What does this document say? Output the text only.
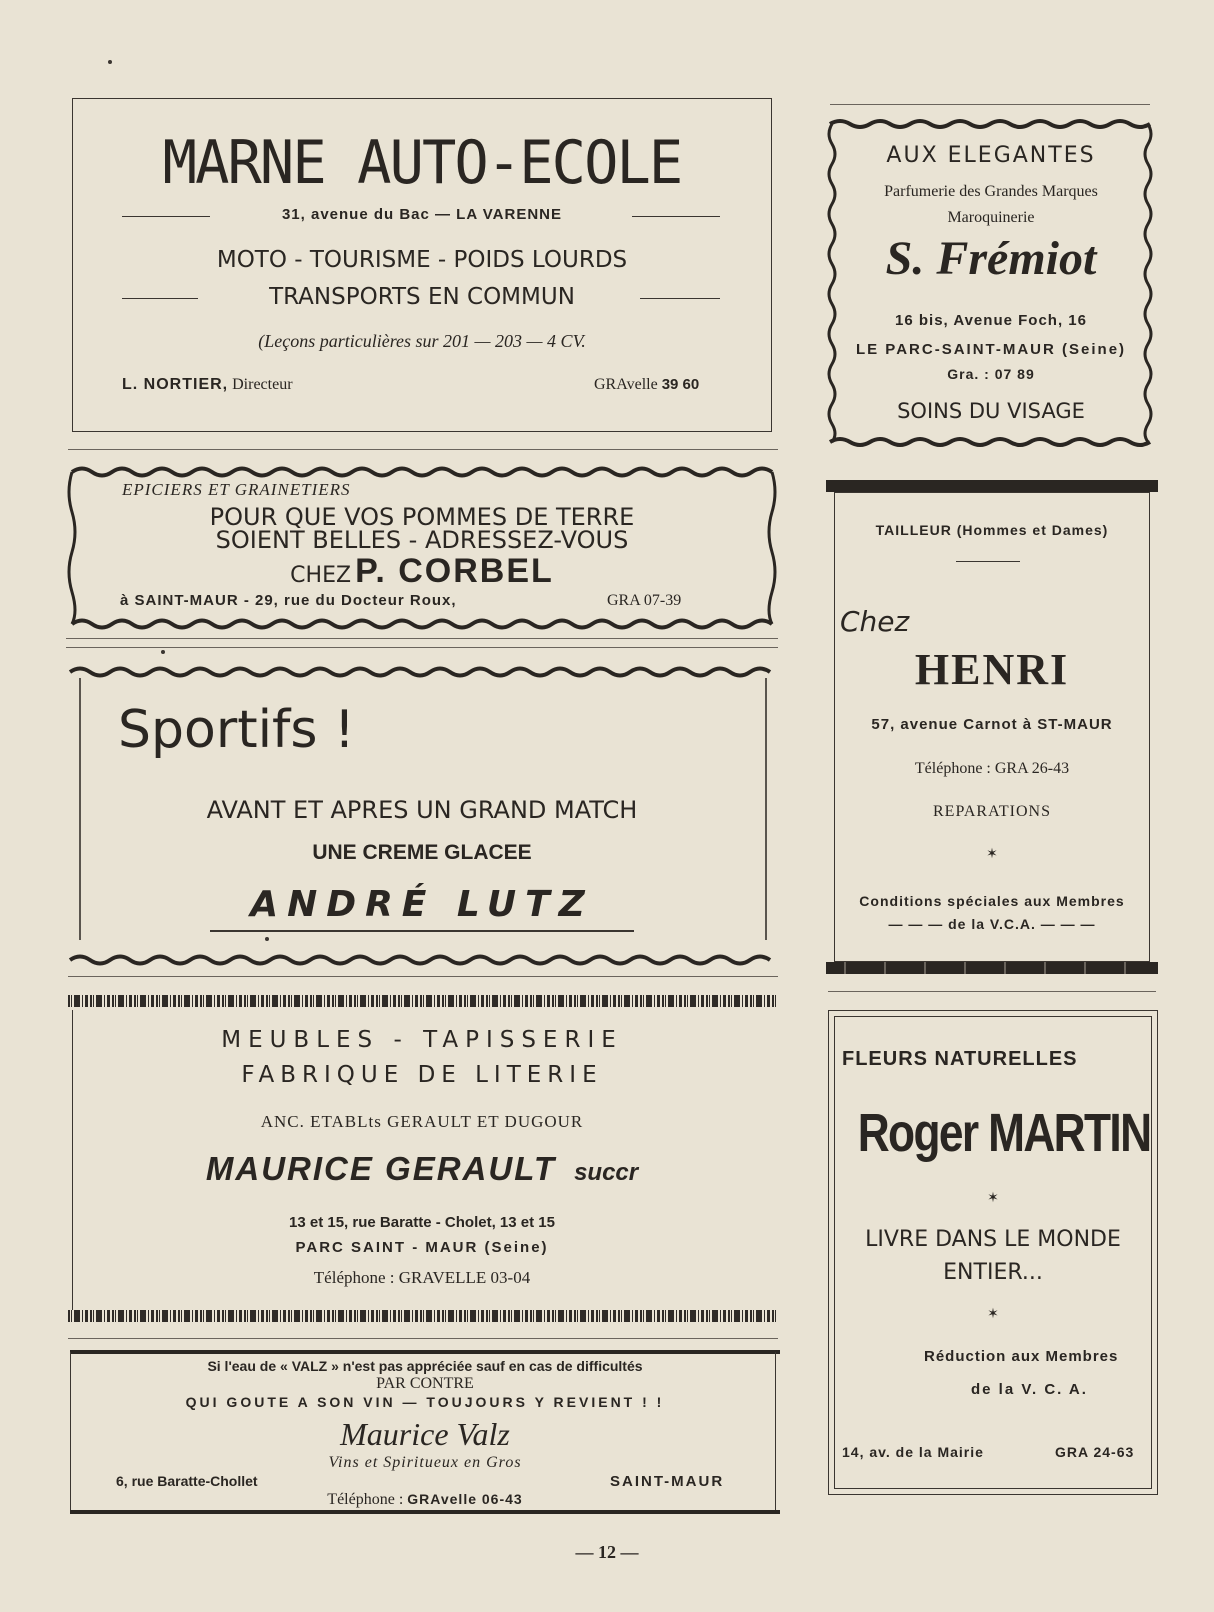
MARNE AUTO-ECOLE
31, avenue du Bac — LA VARENNE
MOTO - TOURISME - POIDS LOURDS
TRANSPORTS EN COMMUN
(Leçons particulières sur 201 — 203 — 4 CV.
L. NORTIER, Directeur	GRAvelle 39 60
AUX ELEGANTES
Parfumerie des Grandes Marques
Maroquinerie
S. Frémiot
16 bis, Avenue Foch, 16
LE PARC-SAINT-MAUR (Seine)
Gra. : 07 89
SOINS DU VISAGE
EPICIERS ET GRAINETIERS
POUR QUE VOS POMMES DE TERRE
SOIENT BELLES - ADRESSEZ-VOUS
CHEZ P. CORBEL
à SAINT-MAUR - 29, rue du Docteur Roux,	GRA 07-39
TAILLEUR (Hommes et Dames)
Chez
HENRI
57, avenue Carnot à ST-MAUR
Téléphone : GRA 26-43
REPARATIONS
✶
Conditions spéciales aux Membres
— — — de la V.C.A. — — —
Sportifs !
AVANT ET APRES UN GRAND MATCH
UNE CREME GLACEE
ANDRÉ LUTZ
MEUBLES - TAPISSERIE
FABRIQUE DE LITERIE
ANC. ETABLts GERAULT ET DUGOUR
MAURICE GERAULT succr
13 et 15, rue Baratte - Cholet, 13 et 15
PARC SAINT - MAUR (Seine)
Téléphone : GRAVELLE 03-04
FLEURS NATURELLES
Roger MARTIN
✶
LIVRE DANS LE MONDE
ENTIER...
✶
Réduction aux Membres
de la V. C. A.
14, av. de la Mairie	GRA 24-63
Si l'eau de « VALZ » n'est pas appréciée sauf en cas de difficultés
PAR CONTRE
QUI GOUTE A SON VIN — TOUJOURS Y REVIENT ! !
Maurice Valz
Vins et Spiritueux en Gros
6, rue Baratte-Chollet	SAINT-MAUR
Téléphone : GRAvelle 06-43
— 12 —
